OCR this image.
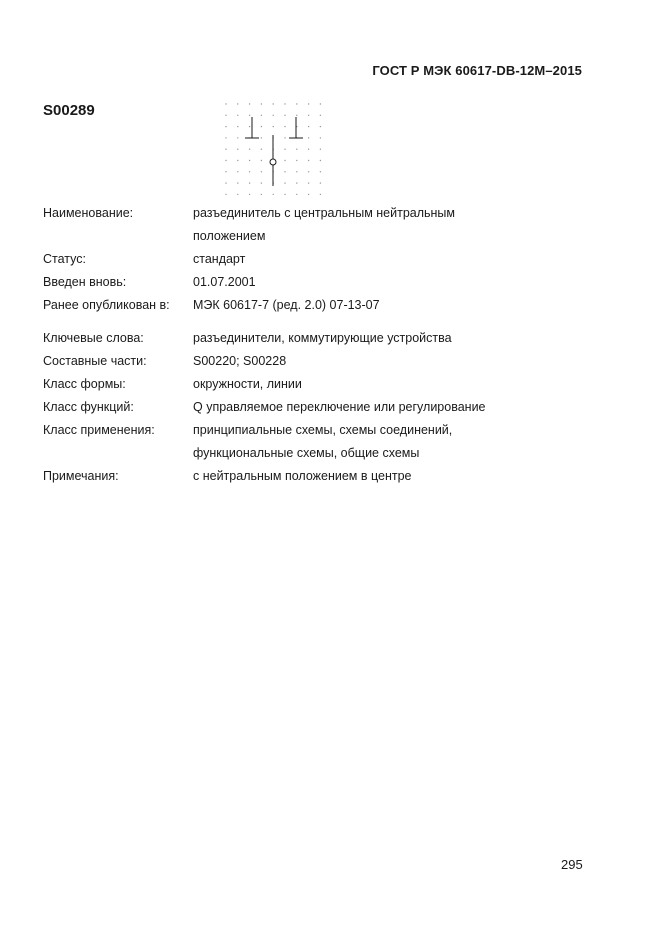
ГОСТ Р МЭК 60617-DB-12M–2015
S00289
Наименование:	разъединитель с центральным нейтральным
положением
Статус:	стандарт
Введен вновь:	01.07.2001
Ранее опубликован в: МЭК 60617-7 (ред. 2.0) 07-13-07
Ключевые слова:	разъединители, коммутирующие устройства
Составные части:	S00220; S00228
Класс формы:	окружности, линии
Класс функций:	Q управляемое переключение или регулирование
Класс применения:	принципиальные схемы, схемы соединений,
функциональные схемы, общие схемы
Примечания:	с нейтральным положением в центре
295
